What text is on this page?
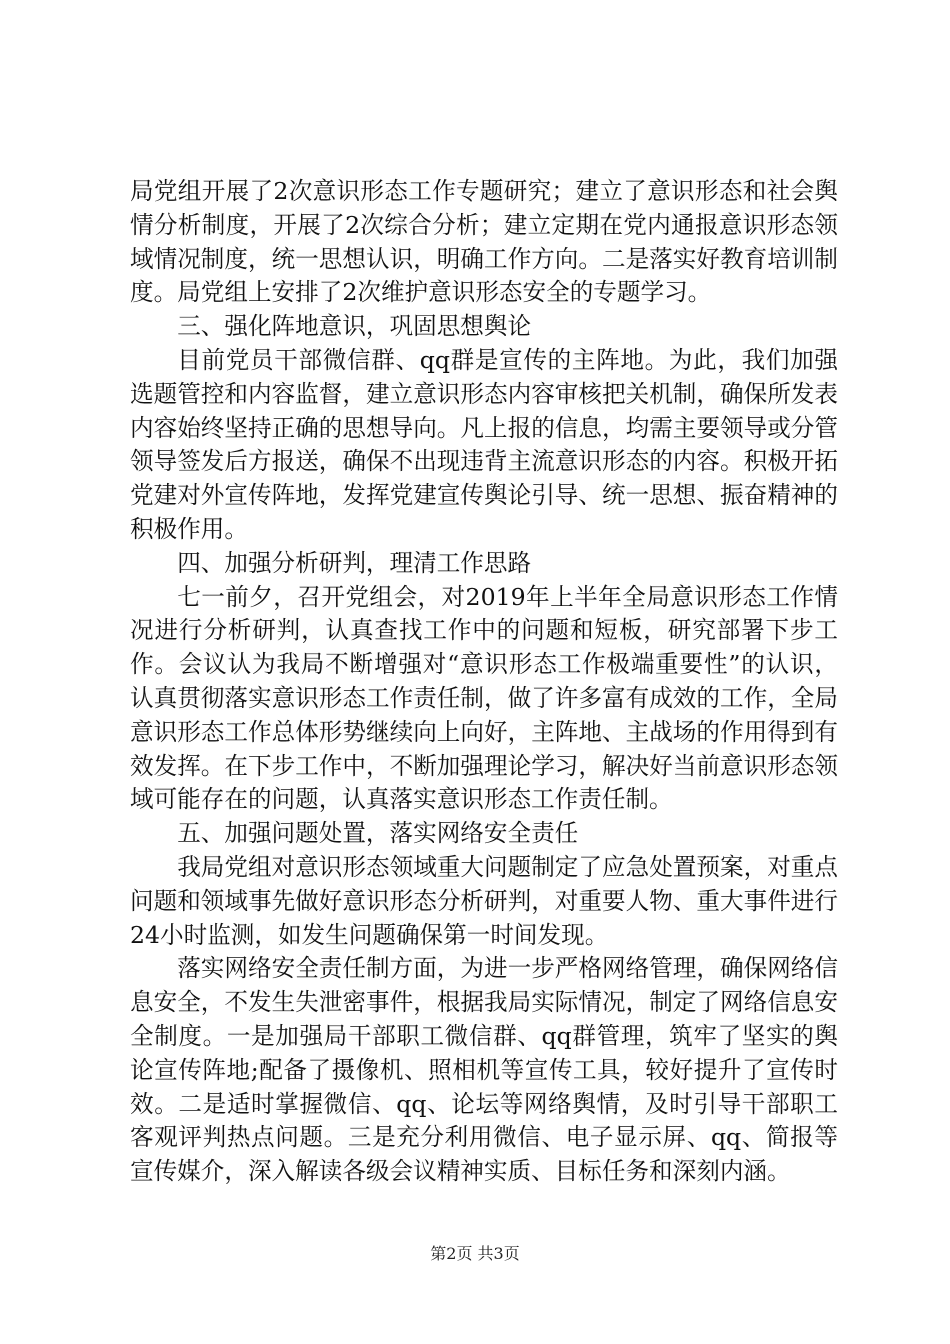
局党组开展了2次意识形态工作专题研究；建立了意识形态和社会舆情分析制度，开展了2次综合分析；建立定期在党内通报意识形态领域情况制度，统一思想认识，明确工作方向。二是落实好教育培训制度。局党组上安排了2次维护意识形态安全的专题学习。

三、强化阵地意识，巩固思想舆论

目前党员干部微信群、qq群是宣传的主阵地。为此，我们加强选题管控和内容监督，建立意识形态内容审核把关机制，确保所发表内容始终坚持正确的思想导向。凡上报的信息，均需主要领导或分管领导签发后方报送，确保不出现违背主流意识形态的内容。积极开拓党建对外宣传阵地，发挥党建宣传舆论引导、统一思想、振奋精神的积极作用。

四、加强分析研判，理清工作思路

七一前夕，召开党组会，对2019年上半年全局意识形态工作情况进行分析研判，认真查找工作中的问题和短板，研究部署下步工作。会议认为我局不断增强对“意识形态工作极端重要性”的认识，认真贯彻落实意识形态工作责任制，做了许多富有成效的工作，全局意识形态工作总体形势继续向上向好，主阵地、主战场的作用得到有效发挥。在下步工作中，不断加强理论学习，解决好当前意识形态领域可能存在的问题，认真落实意识形态工作责任制。

五、加强问题处置，落实网络安全责任

我局党组对意识形态领域重大问题制定了应急处置预案，对重点问题和领域事先做好意识形态分析研判，对重要人物、重大事件进行24小时监测，如发生问题确保第一时间发现。

落实网络安全责任制方面，为进一步严格网络管理，确保网络信息安全，不发生失泄密事件，根据我局实际情况，制定了网络信息安全制度。一是加强局干部职工微信群、qq群管理，筑牢了坚实的舆论宣传阵地;配备了摄像机、照相机等宣传工具，较好提升了宣传时效。二是适时掌握微信、qq、论坛等网络舆情，及时引导干部职工客观评判热点问题。三是充分利用微信、电子显示屏、qq、简报等宣传媒介，深入解读各级会议精神实质、目标任务和深刻内涵。

第2页 共3页
